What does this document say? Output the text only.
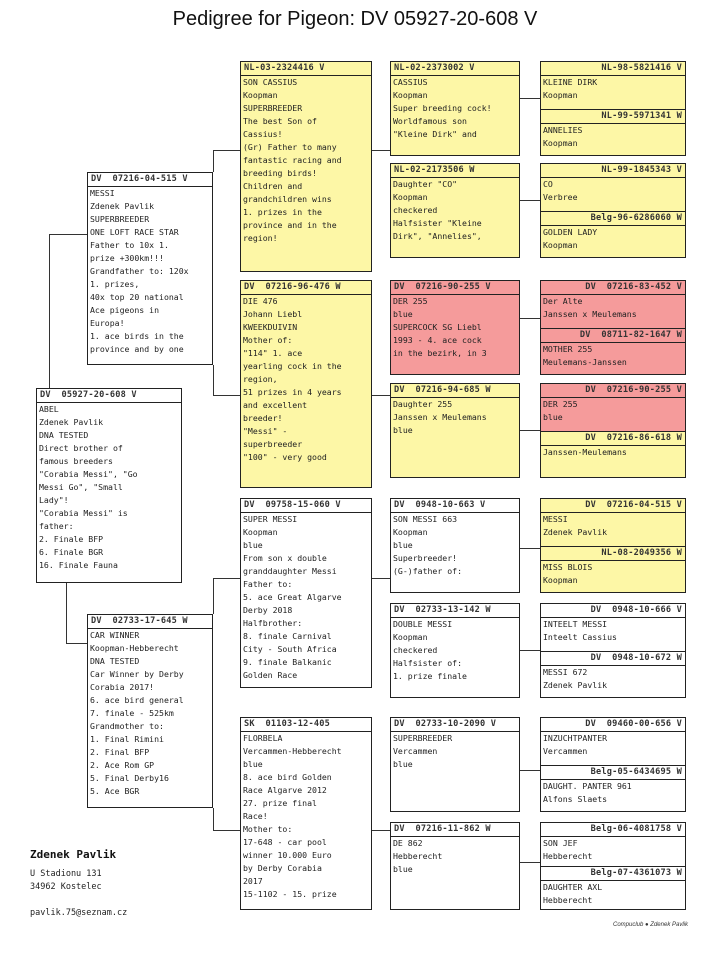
Pedigree for Pigeon: DV 05927-20-608 V
DV  05927-20-608 V
ABEL
Zdenek Pavlik
DNA TESTED
Direct brother of
famous breeders
"Corabia Messi", "Go
Messi Go", "Small
Lady"!
"Corabia Messi" is
father:
2. Finale BFP
6. Finale BGR
16. Finale Fauna
DV  07216-04-515 V
MESSI
Zdenek Pavlik
SUPERBREEDER
ONE LOFT RACE STAR
Father to 10x 1.
prize +300km!!!
Grandfather to: 120x
1. prizes,
40x top 20 national
Ace pigeons in
Europa!
1. ace birds in the
province and by one
DV  02733-17-645 W
CAR WINNER
Koopman-Hebberecht
DNA TESTED
Car Winner by Derby
Corabia 2017!
6. ace bird general
7. finale - 525km
Grandmother to:
1. Final Rimini
2. Final BFP
2. Ace Rom GP
5. Final Derby16
5. Ace BGR
NL-03-2324416 V
SON CASSIUS
Koopman
SUPERBREEDER
The best Son of
Cassius!
(Gr) Father to many
fantastic racing and
breeding birds!
Children and
grandchildren wins
1. prizes in the
province and in the
region!
DV  07216-96-476 W
DIE 476
Johann Liebl
KWEEKDUIVIN
Mother of:
"114" 1. ace
yearling cock in the
region,
51 prizes in 4 years
and excellent
breeder!
"Messi" -
superbreeder
"100" - very good
DV  09758-15-060 V
SUPER MESSI
Koopman
blue
From son x double
granddaughter Messi
Father to:
5. ace Great Algarve
Derby 2018
Halfbrother:
8. finale Carnival
City - South Africa
9. finale Balkanic
Golden Race
SK  01103-12-405
FLORBELA
Vercammen-Hebberecht
blue
8. ace bird Golden
Race Algarve 2012
27. prize final
Race!
Mother to:
17-648 - car pool
winner 10.000 Euro
by Derby Corabia
2017
15-1102 - 15. prize
NL-02-2373002 V
CASSIUS
Koopman
Super breeding cock!
Worldfamous son
"Kleine Dirk" and
NL-02-2173506 W
Daughter "CO"
Koopman
checkered
Halfsister "Kleine
Dirk", "Annelies",
DV  07216-90-255 V
DER 255
blue
SUPERCOCK SG Liebl
1993 - 4. ace cock
in the bezirk, in 3
DV  07216-94-685 W
Daughter 255
Janssen x Meulemans
blue
DV  0948-10-663 V
SON MESSI 663
Koopman
blue
Superbreeder!
(G-)father of:
DV  02733-13-142 W
DOUBLE MESSI
Koopman
checkered
Halfsister of:
1. prize finale
DV  02733-10-2090 V
SUPERBREEDER
Vercammen
blue
DV  07216-11-862 W
DE 862
Hebberecht
blue
NL-98-5821416 V
KLEINE DIRK
Koopman
NL-99-5971341 W
ANNELIES
Koopman
NL-99-1845343 V
CO
Verbree
Belg-96-6286060 W
GOLDEN LADY
Koopman
DV  07216-83-452 V
Der Alte
Janssen x Meulemans
DV  08711-82-1647 W
MOTHER 255
Meulemans-Janssen
DV  07216-90-255 V
DER 255
blue
DV  07216-86-618 W
Janssen-Meulemans
DV  07216-04-515 V
MESSI
Zdenek Pavlik
NL-08-2049356 W
MISS BLOIS
Koopman
DV  0948-10-666 V
INTEELT MESSI
Inteelt Cassius
DV  0948-10-672 W
MESSI 672
Zdenek Pavlik
DV  09460-00-656 V
INZUCHTPANTER
Vercammen
Belg-05-6434695 W
DAUGHT. PANTER 961
Alfons Slaets
Belg-06-4081758 V
SON JEF
Hebberecht
Belg-07-4361073 W
DAUGHTER AXL
Hebberecht
Zdenek Pavlik
U Stadionu 131
34962 Kostelec
pavlik.75@seznam.cz
Compuclub ● Zdenek Pavlik
